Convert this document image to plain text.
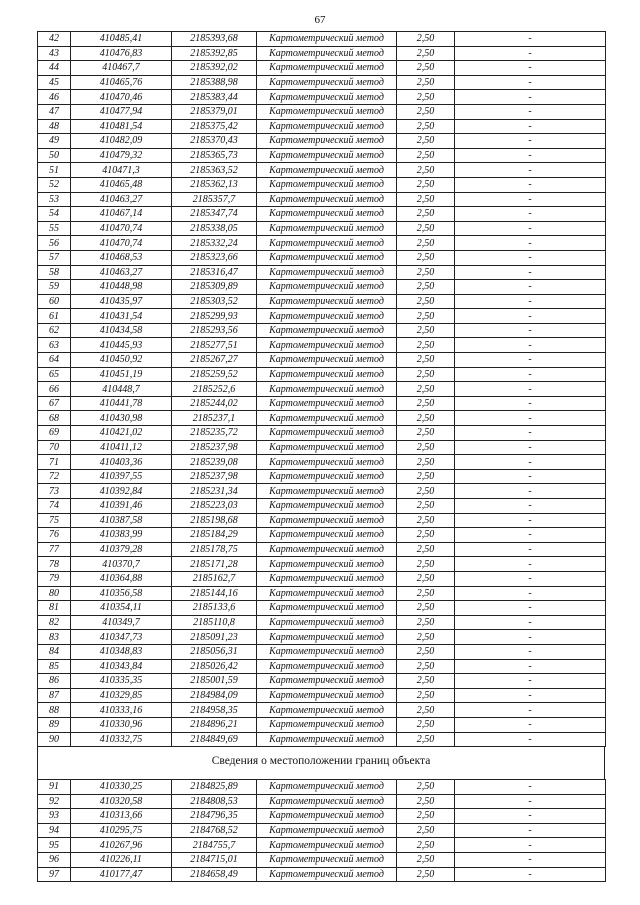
67
42	410485,41	2185393,68	Картометрический метод	2,50	-
43	410476,83	2185392,85	Картометрический метод	2,50	-
44	410467,7	2185392,02	Картометрический метод	2,50	-
45	410465,76	2185388,98	Картометрический метод	2,50	-
46	410470,46	2185383,44	Картометрический метод	2,50	-
47	410477,94	2185379,01	Картометрический метод	2,50	-
48	410481,54	2185375,42	Картометрический метод	2,50	-
49	410482,09	2185370,43	Картометрический метод	2,50	-
50	410479,32	2185365,73	Картометрический метод	2,50	-
51	410471,3	2185363,52	Картометрический метод	2,50	-
52	410465,48	2185362,13	Картометрический метод	2,50	-
53	410463,27	2185357,7	Картометрический метод	2,50	-
54	410467,14	2185347,74	Картометрический метод	2,50	-
55	410470,74	2185338,05	Картометрический метод	2,50	-
56	410470,74	2185332,24	Картометрический метод	2,50	-
57	410468,53	2185323,66	Картометрический метод	2,50	-
58	410463,27	2185316,47	Картометрический метод	2,50	-
59	410448,98	2185309,89	Картометрический метод	2,50	-
60	410435,97	2185303,52	Картометрический метод	2,50	-
61	410431,54	2185299,93	Картометрический метод	2,50	-
62	410434,58	2185293,56	Картометрический метод	2,50	-
63	410445,93	2185277,51	Картометрический метод	2,50	-
64	410450,92	2185267,27	Картометрический метод	2,50	-
65	410451,19	2185259,52	Картометрический метод	2,50	-
66	410448,7	2185252,6	Картометрический метод	2,50	-
67	410441,78	2185244,02	Картометрический метод	2,50	-
68	410430,98	2185237,1	Картометрический метод	2,50	-
69	410421,02	2185235,72	Картометрический метод	2,50	-
70	410411,12	2185237,98	Картометрический метод	2,50	-
71	410403,36	2185239,08	Картометрический метод	2,50	-
72	410397,55	2185237,98	Картометрический метод	2,50	-
73	410392,84	2185231,34	Картометрический метод	2,50	-
74	410391,46	2185223,03	Картометрический метод	2,50	-
75	410387,58	2185198,68	Картометрический метод	2,50	-
76	410383,99	2185184,29	Картометрический метод	2,50	-
77	410379,28	2185178,75	Картометрический метод	2,50	-
78	410370,7	2185171,28	Картометрический метод	2,50	-
79	410364,88	2185162,7	Картометрический метод	2,50	-
80	410356,58	2185144,16	Картометрический метод	2,50	-
81	410354,11	2185133,6	Картометрический метод	2,50	-
82	410349,7	2185110,8	Картометрический метод	2,50	-
83	410347,73	2185091,23	Картометрический метод	2,50	-
84	410348,83	2185056,31	Картометрический метод	2,50	-
85	410343,84	2185026,42	Картометрический метод	2,50	-
86	410335,35	2185001,59	Картометрический метод	2,50	-
87	410329,85	2184984,09	Картометрический метод	2,50	-
88	410333,16	2184958,35	Картометрический метод	2,50	-
89	410330,96	2184896,21	Картометрический метод	2,50	-
90	410332,75	2184849,69	Картометрический метод	2,50	-
Сведения о местоположении границ объекта
91	410330,25	2184825,89	Картометрический метод	2,50	-
92	410320,58	2184808,53	Картометрический метод	2,50	-
93	410313,66	2184796,35	Картометрический метод	2,50	-
94	410295,75	2184768,52	Картометрический метод	2,50	-
95	410267,96	2184755,7	Картометрический метод	2,50	-
96	410226,11	2184715,01	Картометрический метод	2,50	-
97	410177,47	2184658,49	Картометрический метод	2,50	-
